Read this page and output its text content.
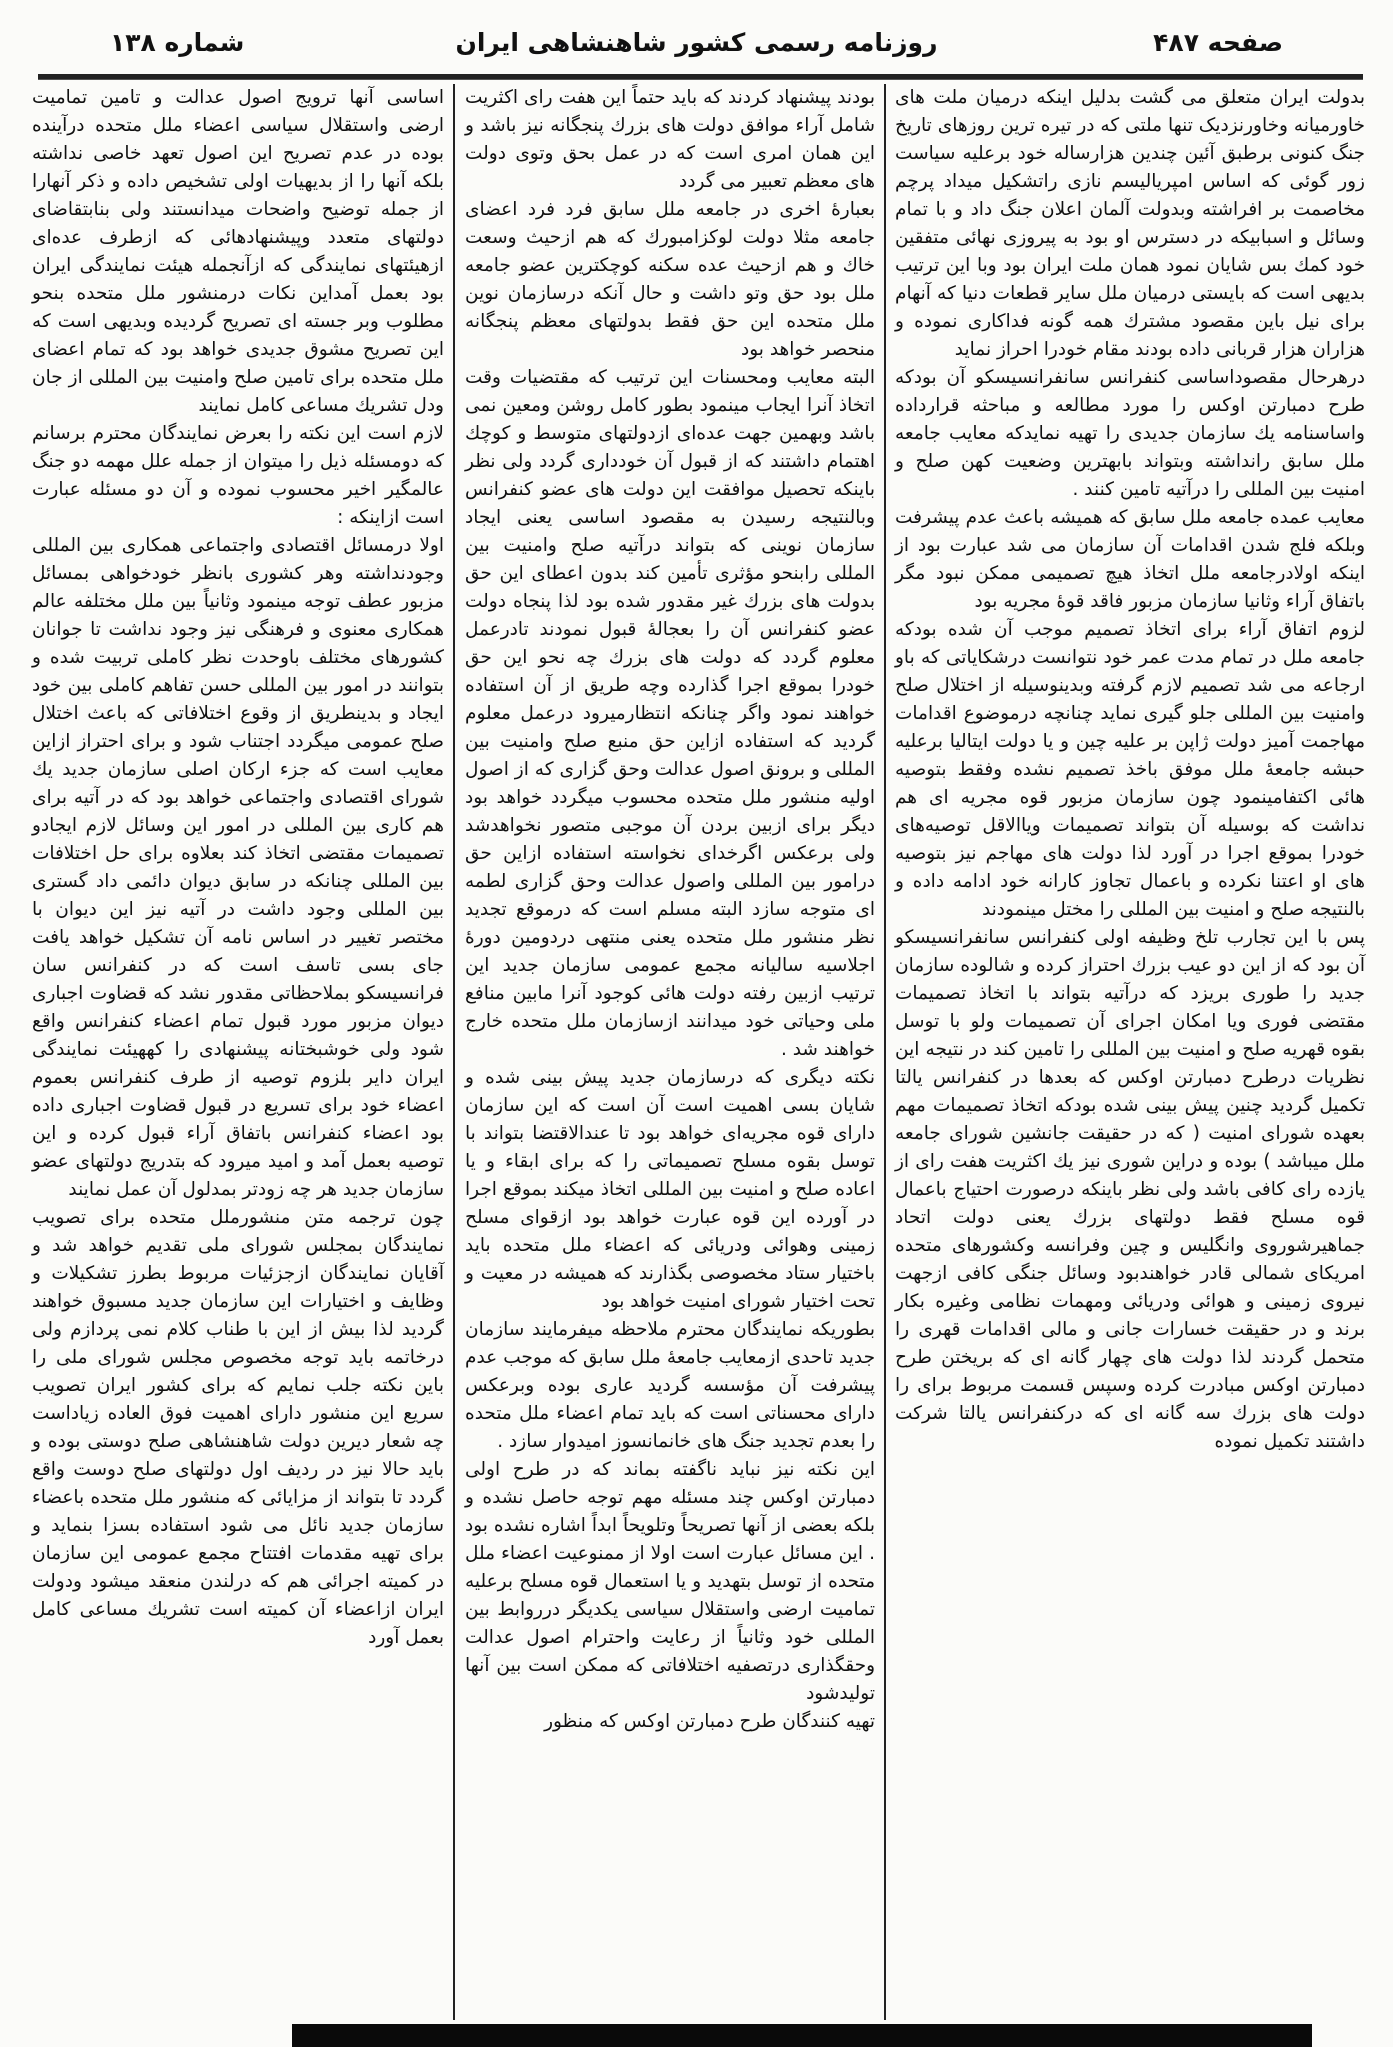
صفحه ۴۸۷
روزنامه رسمی کشور شاهنشاهی ایران
شماره ۱۳۸

بدولت ایران متعلق می گشت بدلیل اینکه درمیان ملت های خاورمیانه وخاورنزدیک تنها ملتی که در تیره ترین روزهای تاریخ جنگ کنونی برطبق آئین چندین هزارساله خود برعلیه سیاست زور گوئی که اساس امپریالیسم نازی راتشکیل میداد پرچم مخاصمت بر افراشته وبدولت آلمان اعلان جنگ داد و با تمام وسائل و اسبابیکه در دسترس او بود به پیروزی نهائی متفقین خود کمك بس شایان نمود همان ملت ایران بود وبا این ترتیب بدیهی است که بایستی درمیان ملل سایر قطعات دنیا که آنهام برای نیل باین مقصود مشترك همه گونه فداکاری نموده و هزاران هزار قربانی داده بودند مقام خودرا احراز نماید

درهرحال مقصوداساسی کنفرانس سانفرانسیسکو آن بودکه طرح دمبارتن اوکس را مورد مطالعه و مباحثه قرارداده واساسنامه یك سازمان جدیدی را تهیه نمایدکه معایب جامعه ملل سابق رانداشته وبتواند بابهترین وضعیت کهن صلح و امنیت بین المللی را درآتیه تامین کنند .

معایب عمده جامعه ملل سابق که همیشه باعث عدم پیشرفت وبلکه فلج شدن اقدامات آن سازمان می شد عبارت بود از اینکه اولادرجامعه ملل اتخاذ هیچ تصمیمی ممکن نبود مگر باتفاق آراء وثانیا سازمان مزبور فاقد قوهٔ مجریه بود

لزوم اتفاق آراء برای اتخاذ تصمیم موجب آن شده بودکه جامعه ملل در تمام مدت عمر خود نتوانست درشکایاتی که باو ارجاعه می شد تصمیم لازم گرفته وبدینوسیله از اختلال صلح وامنیت بین المللی جلو گیری نماید چنانچه درموضوع اقدامات مهاجمت آمیز دولت ژاپن بر علیه چین و یا دولت ایتالیا برعلیه حبشه جامعهٔ ملل موفق باخذ تصمیم نشده وفقط بتوصیه هائی اکتفامینمود چون سازمان مزبور قوه مجریه ای هم نداشت که بوسیله آن بتواند تصمیمات ویاالاقل توصیه‌های خودرا بموقع اجرا در آورد لذا دولت های مهاجم نیز بتوصیه های او اعتنا نکرده و باعمال تجاوز کارانه خود ادامه داده و بالنتیجه صلح و امنیت بین المللی را مختل مینمودند

پس با این تجارب تلخ وظیفه اولی کنفرانس سانفرانسیسکو آن بود که از این دو عیب بزرك احتراز کرده و شالوده سازمان جدید را طوری بریزد که درآتیه بتواند با اتخاذ تصمیمات مقتضی فوری ویا امکان اجرای آن تصمیمات ولو با توسل بقوه قهریه صلح و امنیت بین المللی را تامین کند در نتیجه این نظریات درطرح دمبارتن اوکس که بعدها در کنفرانس یالتا تکمیل گردید چنین پیش بینی شده بودکه اتخاذ تصمیمات مهم بعهده شورای امنیت ( که در حقیقت جانشین شورای جامعه ملل میباشد ) بوده و دراین شوری نیز یك اکثریت هفت رای از یازده رای کافی باشد ولی نظر باینکه درصورت احتیاج باعمال قوه مسلح فقط دولتهای بزرك یعنی دولت اتحاد جماهیرشوروی وانگلیس و چین وفرانسه وکشورهای متحده امریکای شمالی قادر خواهندبود وسائل جنگی کافی ازجهت نیروی زمینی و هوائی ودریائی ومهمات نظامی وغیره بکار برند و در حقیقت خسارات جانی و مالی اقدامات قهری را متحمل گردند لذا دولت های چهار گانه ای که بریختن طرح دمبارتن اوکس مبادرت کرده وسپس قسمت مربوط برای را دولت های بزرك سه گانه ای که درکنفرانس یالتا شرکت داشتند تکمیل نموده

بودند پیشنهاد کردند که باید حتماً این هفت رای اکثریت شامل آراء موافق دولت های بزرك پنجگانه نیز باشد و این همان امری است که در عمل بحق وتوی دولت های معظم تعبیر می گردد

بعبارهٔ اخری در جامعه ملل سابق فرد فرد اعضای جامعه مثلا دولت لوکزامبورك که هم ازحیث وسعت خاك و هم ازحیث عده سکنه کوچکترین عضو جامعه ملل بود حق وتو داشت و حال آنکه درسازمان نوین ملل متحده این حق فقط بدولتهای معظم پنجگانه منحصر خواهد بود

البته معایب ومحسنات این ترتیب که مقتضیات وقت اتخاذ آنرا ایجاب مینمود بطور کامل روشن ومعین نمی باشد وبهمین جهت عده‌ای ازدولتهای متوسط و کوچك اهتمام داشتند که از قبول آن خودداری گردد ولی نظر باینکه تحصیل موافقت این دولت های عضو کنفرانس وبالنتیجه رسیدن به مقصود اساسی یعنی ایجاد سازمان نوینی که بتواند درآتیه صلح وامنیت بین المللی رابنحو مؤثری تأمین کند بدون اعطای این حق بدولت های بزرك غیر مقدور شده بود لذا پنجاه دولت عضو کنفرانس آن را بعجالهٔ قبول نمودند تادرعمل معلوم گردد که دولت های بزرك چه نحو این حق خودرا بموقع اجرا گذارده وچه طریق از آن استفاده خواهند نمود واگر چنانکه انتظارمیرود درعمل معلوم گردید که استفاده ازاین حق منبع صلح وامنیت بین المللی و برونق اصول عدالت وحق گزاری که از اصول اولیه منشور ملل متحده محسوب میگردد خواهد بود دیگر برای ازبین بردن آن موجبی متصور نخواهدشد ولی برعکس اگرخدای نخواسته استفاده ازاین حق درامور بین المللی واصول عدالت وحق گزاری لطمه ای متوجه سازد البته مسلم است که درموقع تجدید نظر منشور ملل متحده یعنی منتهی دردومین دورهٔ اجلاسیه سالیانه مجمع عمومی سازمان جدید این ترتیب ازبین رفته دولت هائی کوجود آنرا مابین منافع ملی وحیاتی خود میدانند ازسازمان ملل متحده خارج خواهند شد .

نکته دیگری که درسازمان جدید پیش بینی شده و شایان بسی اهمیت است آن است که این سازمان دارای قوه مجریه‌ای خواهد بود تا عندالاقتضا بتواند با توسل بقوه مسلح تصمیماتی را که برای ابقاء و یا اعاده صلح و امنیت بین المللی اتخاذ میکند بموقع اجرا در آورده این قوه عبارت خواهد بود ازقوای مسلح زمینی وهوائی ودریائی که اعضاء ملل متحده باید باختیار ستاد مخصوصی بگذارند که همیشه در معیت و تحت اختیار شورای امنیت خواهد بود

بطوریکه نمایندگان محترم ملاحظه میفرمایند سازمان جدید تاحدی ازمعایب جامعهٔ ملل سابق که موجب عدم پیشرفت آن مؤسسه گردید عاری بوده وبرعکس دارای محسناتی است که باید تمام اعضاء ملل متحده را بعدم تجدید جنگ های خانمانسوز امیدوار سازد .

این نکته نیز نباید ناگفته بماند که در طرح اولی دمبارتن اوکس چند مسئله مهم توجه حاصل نشده و بلکه بعضی از آنها تصریحاً وتلویحاً ابداً اشاره نشده بود . این مسائل عبارت است اولا از ممنوعیت اعضاء ملل متحده از توسل بتهدید و یا استعمال قوه مسلح برعلیه تمامیت ارضی واستقلال سیاسی یکدیگر درروابط بین المللی خود وثانیاً از رعایت واحترام اصول عدالت وحقگذاری درتصفیه اختلافاتی که ممکن است بین آنها تولیدشود

تهیه کنندگان طرح دمبارتن اوکس که منظور

اساسی آنها ترویج اصول عدالت و تامین تمامیت ارضی واستقلال سیاسی اعضاء ملل متحده درآینده بوده در عدم تصریح این اصول تعهد خاصی نداشته بلکه آنها را از بدیهیات اولی تشخیص داده و ذکر آنهارا از جمله توضیح واضحات میدانستند ولی بنابتقاضای دولتهای متعدد وپیشنهادهائی که ازطرف عده‌ای ازهیئتهای نمایندگی که ازآنجمله هیئت نمایندگی ایران بود بعمل آمداین نکات درمنشور ملل متحده بنحو مطلوب وبر جسته ای تصریح گردیده وبدیهی است که این تصریح مشوق جدیدی خواهد بود که تمام اعضای ملل متحده برای تامین صلح وامنیت بین المللی از جان ودل تشریك مساعی کامل نمایند

لازم است این نکته را بعرض نمایندگان محترم برسانم که دومسئله ذیل را میتوان از جمله علل مهمه دو جنگ عالمگیر اخیر محسوب نموده و آن دو مسئله عبارت است ازاینکه :

اولا درمسائل اقتصادی واجتماعی همکاری بین المللی وجودنداشته وهر کشوری بانظر خودخواهی بمسائل مزبور عطف توجه مینمود وثانیاً بین ملل مختلفه عالم همکاری معنوی و فرهنگی نیز وجود نداشت تا جوانان کشورهای مختلف باوحدت نظر کاملی تربیت شده و بتوانند در امور بین المللی حسن تفاهم کاملی بین خود ایجاد و بدینطریق از وقوع اختلافاتی که باعث اختلال صلح عمومی میگردد اجتناب شود و برای احتراز ازاین معایب است که جزء ارکان اصلی سازمان جدید یك شورای اقتصادی واجتماعی خواهد بود که در آتیه برای هم کاری بین المللی در امور این وسائل لازم ایجادو تصمیمات مقتضی اتخاذ کند بعلاوه برای حل اختلافات بین المللی چنانکه در سابق دیوان دائمی داد گستری بین المللی وجود داشت در آتیه نیز این دیوان با مختصر تغییر در اساس نامه آن تشکیل خواهد یافت جای بسی تاسف است که در کنفرانس سان فرانسیسکو بملاحظاتی مقدور نشد که قضاوت اجباری دیوان مزبور مورد قبول تمام اعضاء کنفرانس واقع شود ولی خوشبختانه پیشنهادی را کههیئت نمایندگی ایران دایر بلزوم توصیه از طرف کنفرانس بعموم اعضاء خود برای تسریع در قبول قضاوت اجباری داده بود اعضاء کنفرانس باتفاق آراء قبول کرده و این توصیه بعمل آمد و امید میرود که بتدریج دولتهای عضو سازمان جدید هر چه زودتر بمدلول آن عمل نمایند

چون ترجمه متن منشورملل متحده برای تصویب نمایندگان بمجلس شورای ملی تقدیم خواهد شد و آقایان نمایندگان ازجزئیات مربوط بطرز تشکیلات و وظایف و اختیارات این سازمان جدید مسبوق خواهند گردید لذا بیش از این با طناب کلام نمی پردازم ولی درخاتمه باید توجه مخصوص مجلس شورای ملی را باین نکته جلب نمایم که برای کشور ایران تصویب سریع این منشور دارای اهمیت فوق العاده زیاداست چه شعار دیرین دولت شاهنشاهی صلح دوستی بوده و باید حالا نیز در ردیف اول دولتهای صلح دوست واقع گردد تا بتواند از مزایائی که منشور ملل متحده باعضاء سازمان جدید نائل می شود استفاده بسزا بنماید و برای تهیه مقدمات افتتاح مجمع عمومی این سازمان در کمیته اجرائی هم که درلندن منعقد میشود ودولت ایران ازاعضاء آن کمیته است تشریك مساعی کامل بعمل آورد
